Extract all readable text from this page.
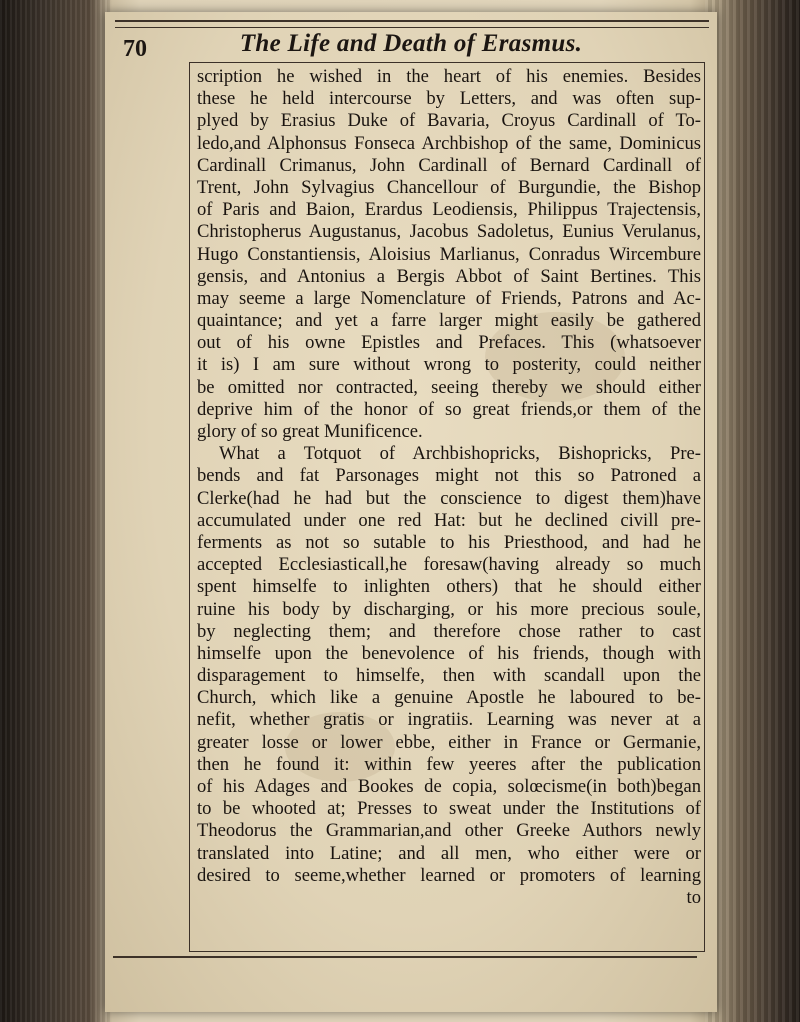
70	The Life and Death of Erasmus.
scription he wished in the heart of his enemies. Besides
these he held intercourse by Letters, and was often sup-
plyed by Erasius Duke of Bavaria, Croyus Cardinall of To-
ledo,and Alphonsus Fonseca Archbishop of the same, Dominicus
Cardinall Crimanus, John Cardinall of Bernard Cardinall of
Trent, John Sylvagius Chancellour of Burgundie, the Bishop
of Paris and Baion, Erardus Leodiensis, Philippus Trajectensis,
Christopherus Augustanus, Jacobus Sadoletus, Eunius Verulanus,
Hugo Constantiensis, Aloisius Marlianus, Conradus Wircembure
gensis, and Antonius a Bergis Abbot of Saint Bertines. This
may seeme a large Nomenclature of Friends, Patrons and Ac-
quaintance; and yet a farre larger might easily be gathered
out of his owne Epistles and Prefaces. This (whatsoever
it is) I am sure without wrong to posterity, could neither
be omitted nor contracted, seeing thereby we should either
deprive him of the honor of so great friends,or them of the
glory of so great Munificence.
What a Totquot of Archbishopricks, Bishopricks, Pre-
bends and fat Parsonages might not this so Patroned a
Clerke(had he had but the conscience to digest them)have
accumulated under one red Hat: but he declined civill pre-
ferments as not so sutable to his Priesthood, and had he
accepted Ecclesiasticall,he foresaw(having already so much
spent himselfe to inlighten others) that he should either
ruine his body by discharging, or his more precious soule,
by neglecting them; and therefore chose rather to cast
himselfe upon the benevolence of his friends, though with
disparagement to himselfe, then with scandall upon the
Church, which like a genuine Apostle he laboured to be-
nefit, whether gratis or ingratiis. Learning was never at a
greater losse or lower ebbe, either in France or Germanie,
then he found it: within few yeeres after the publication
of his Adages and Bookes de copia, solœcisme(in both)began
to be whooted at; Presses to sweat under the Institutions of
Theodorus the Grammarian,and other Greeke Authors newly
translated into Latine; and all men, who either were or
desired to seeme,whether learned or promoters of learning
to
